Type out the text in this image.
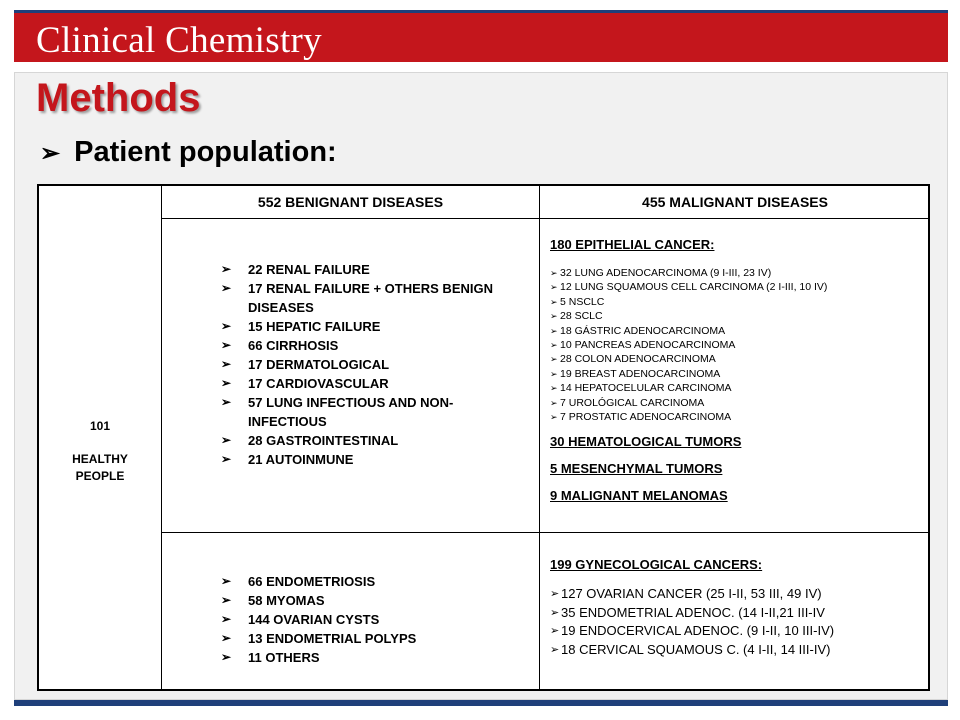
Clinical Chemistry
Methods
➢ Patient population:
101
HEALTHY
PEOPLE
552 BENIGNANT DISEASES	455 MALIGNANT DISEASES
➢ 22 RENAL FAILURE
➢ 17 RENAL FAILURE + OTHERS BENIGN DISEASES
➢ 15 HEPATIC FAILURE
➢ 66 CIRRHOSIS
➢ 17 DERMATOLOGICAL
➢ 17 CARDIOVASCULAR
➢ 57 LUNG INFECTIOUS AND NON-INFECTIOUS
➢ 28 GASTROINTESTINAL
➢ 21 AUTOINMUNE
180 EPITHELIAL CANCER:
➢ 32 LUNG ADENOCARCINOMA (9 I-III, 23 IV)
➢ 12 LUNG SQUAMOUS CELL CARCINOMA (2 I-III, 10 IV)
➢ 5 NSCLC
➢ 28 SCLC
➢ 18 GÁSTRIC ADENOCARCINOMA
➢ 10 PANCREAS ADENOCARCINOMA
➢ 28 COLON ADENOCARCINOMA
➢ 19 BREAST ADENOCARCINOMA
➢ 14 HEPATOCELULAR CARCINOMA
➢ 7 UROLÓGICAL CARCINOMA
➢ 7 PROSTATIC ADENOCARCINOMA
30 HEMATOLOGICAL TUMORS
5 MESENCHYMAL TUMORS
9 MALIGNANT MELANOMAS
➢ 66 ENDOMETRIOSIS
➢ 58 MYOMAS
➢ 144 OVARIAN CYSTS
➢ 13 ENDOMETRIAL POLYPS
➢ 11 OTHERS
199 GYNECOLOGICAL CANCERS:
➢ 127 OVARIAN CANCER (25 I-II, 53 III, 49 IV)
➢ 35 ENDOMETRIAL ADENOC. (14 I-II,21 III-IV
➢ 19 ENDOCERVICAL ADENOC. (9 I-II, 10 III-IV)
➢ 18 CERVICAL SQUAMOUS C. (4 I-II, 14 III-IV)
